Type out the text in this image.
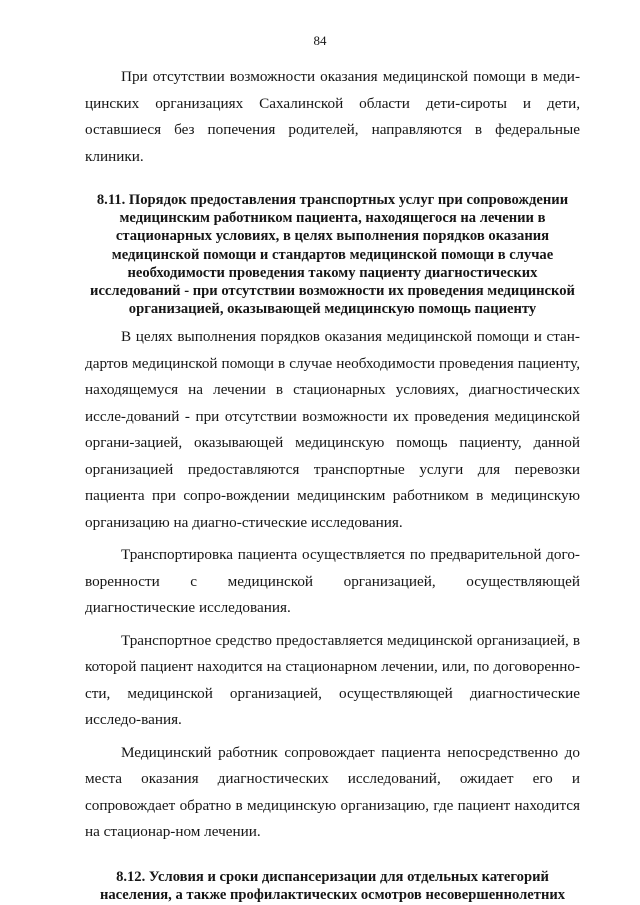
84

При отсутствии возможности оказания медицинской помощи в меди-цинских организациях Сахалинской области дети-сироты и дети, оставшиеся без попечения родителей, направляются в федеральные клиники.

8.11. Порядок предоставления транспортных услуг при сопровождении медицинским работником пациента, находящегося на лечении в стационарных условиях, в целях выполнения порядков оказания медицинской помощи и стандартов медицинской помощи в случае необходимости проведения такому пациенту диагностических исследований - при отсутствии возможности их проведения медицинской организацией, оказывающей медицинскую помощь пациенту

В целях выполнения порядков оказания медицинской помощи и стан-дартов медицинской помощи в случае необходимости проведения пациенту, находящемуся на лечении в стационарных условиях, диагностических иссле-дований - при отсутствии возможности их проведения медицинской органи-зацией, оказывающей медицинскую помощь пациенту, данной организацией предоставляются транспортные услуги для перевозки пациента при сопро-вождении медицинским работником в медицинскую организацию на диагно-стические исследования.

Транспортировка пациента осуществляется по предварительной дого-воренности с медицинской организацией, осуществляющей диагностические исследования.

Транспортное средство предоставляется медицинской организацией, в которой пациент находится на стационарном лечении, или, по договоренно-сти, медицинской организацией, осуществляющей диагностические исследо-вания.

Медицинский работник сопровождает пациента непосредственно до места оказания диагностических исследований, ожидает его и сопровождает обратно в медицинскую организацию, где пациент находится на стационар-ном лечении.

8.12. Условия и сроки диспансеризации для отдельных категорий населения, а также профилактических осмотров несовершеннолетних
